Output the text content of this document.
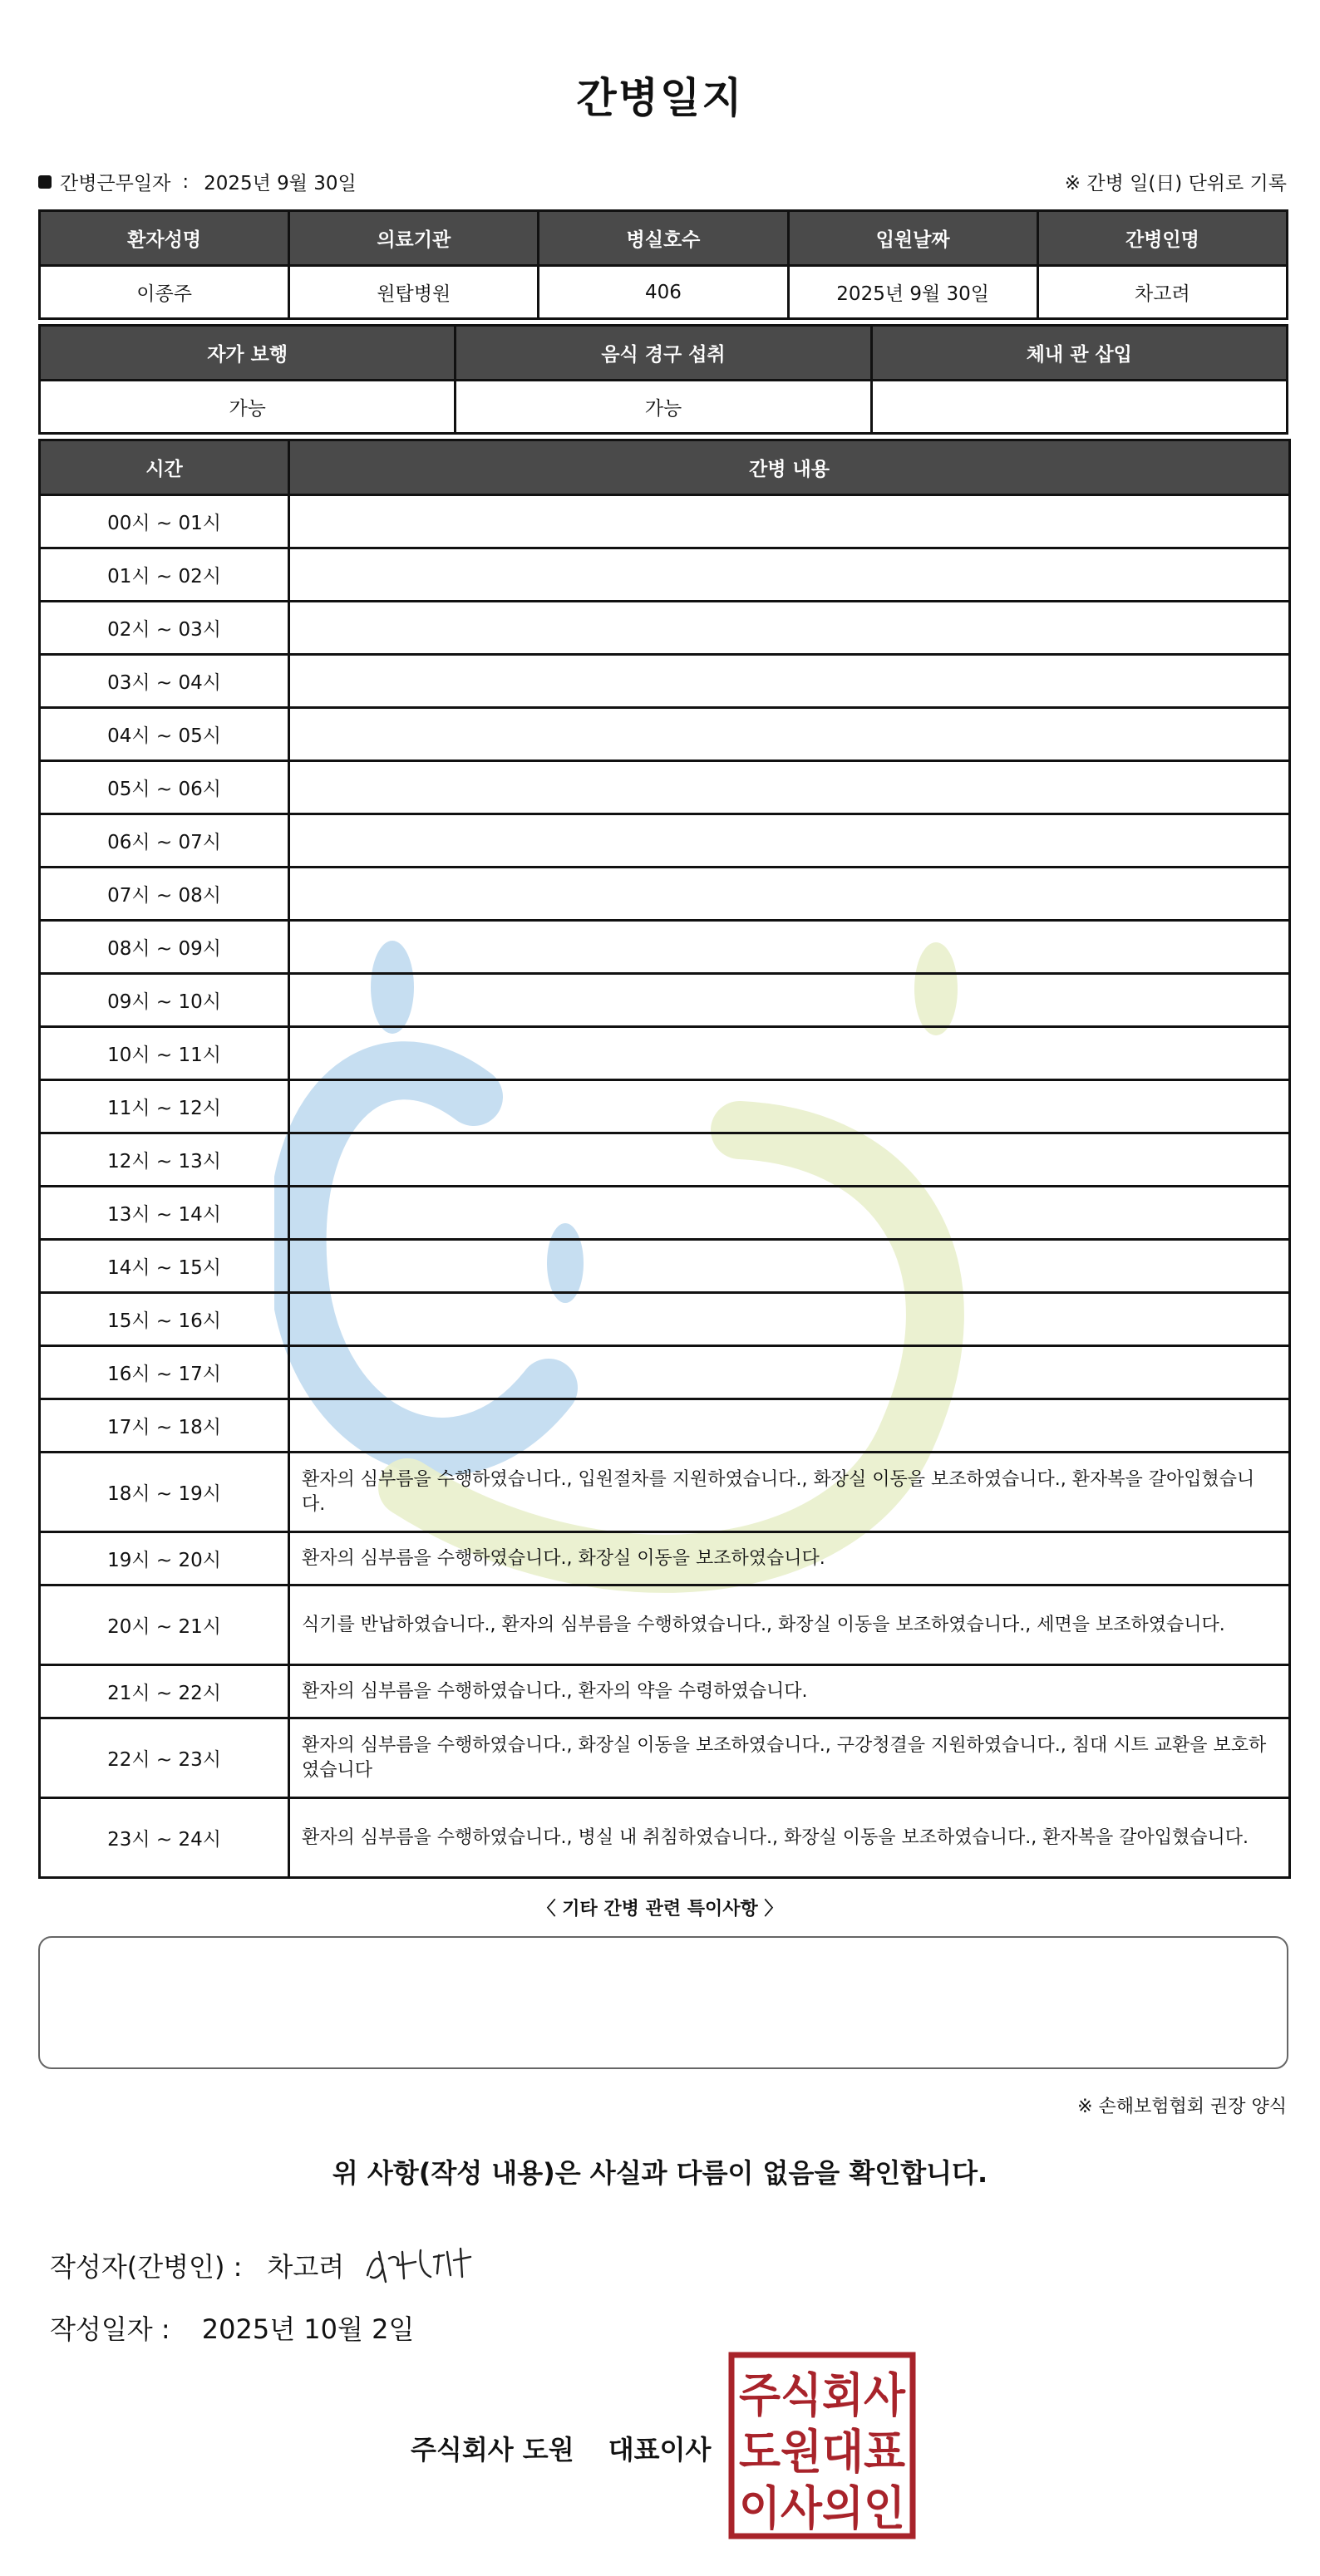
간병일지
간병근무일자 : 2025년 9월 30일	※ 간병 일(日) 단위로 기록
환자성명	의료기관	병실호수	입원날짜	간병인명
이종주	원탑병원	406	2025년 9월 30일	차고려
자가 보행	음식 경구 섭취	체내 관 삽입
가능	가능	
시간	간병 내용
00시 ~ 01시	
01시 ~ 02시	
02시 ~ 03시	
03시 ~ 04시	
04시 ~ 05시	
05시 ~ 06시	
06시 ~ 07시	
07시 ~ 08시	
08시 ~ 09시	
09시 ~ 10시	
10시 ~ 11시	
11시 ~ 12시	
12시 ~ 13시	
13시 ~ 14시	
14시 ~ 15시	
15시 ~ 16시	
16시 ~ 17시	
17시 ~ 18시	
18시 ~ 19시	환자의 심부름을 수행하였습니다., 입원절차를 지원하였습니다., 화장실 이동을 보조하였습니다., 환자복을 갈아입혔습니다.
19시 ~ 20시	환자의 심부름을 수행하였습니다., 화장실 이동을 보조하였습니다.
20시 ~ 21시	식기를 반납하였습니다., 환자의 심부름을 수행하였습니다., 화장실 이동을 보조하였습니다., 세면을 보조하였습니다.
21시 ~ 22시	환자의 심부름을 수행하였습니다., 환자의 약을 수령하였습니다.
22시 ~ 23시	환자의 심부름을 수행하였습니다., 화장실 이동을 보조하였습니다., 구강청결을 지원하였습니다., 침대 시트 교환을 보호하였습니다
23시 ~ 24시	환자의 심부름을 수행하였습니다., 병실 내 취침하였습니다., 화장실 이동을 보조하였습니다., 환자복을 갈아입혔습니다.
〈 기타 간병 관련 특이사항 〉
※ 손해보험협회 권장 양식
위 사항(작성 내용)은 사실과 다름이 없음을 확인합니다.
작성자(간병인) : 차고려
작성일자 : 2025년 10월 2일
주식회사 도원 대표이사
주식회사
도원대표
이사의인
